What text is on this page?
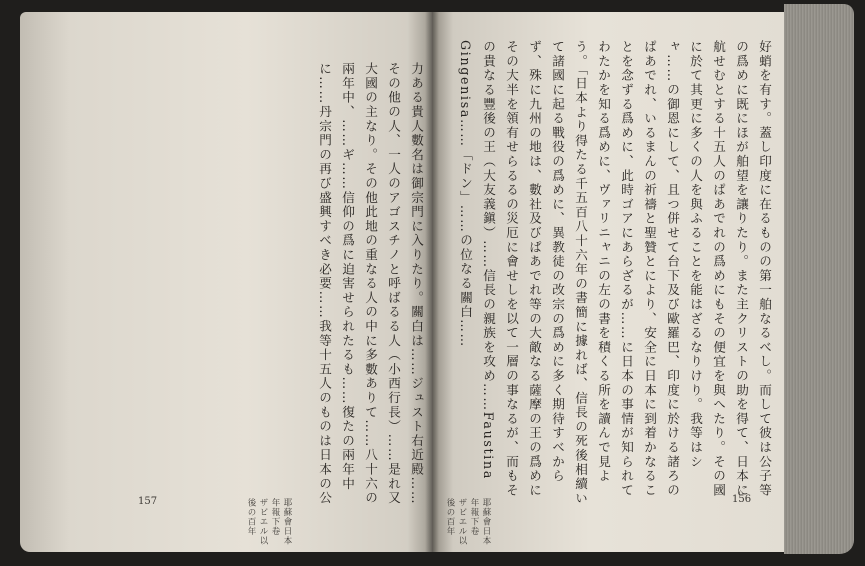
力ある貴人數名は御宗門に入りたり。關白は……ジュスト右近殿……その他の人、一人のアゴスチノと呼ばるる人（小西行長）……是れ又大國の主なり。その他此地の重なる人の中に多數ありて……八十六の兩年中、……ギ……信仰の爲に迫害せられたるも……復たの兩年中に……丹宗門の再び盛興すべき必要……我等十五人のものは日本の公
耶蘇會日本年報下卷　ザビエル以後の百年
157
好蛸を有す。蓋し印度に在るものの第一舶なるべし。而して彼は公子等の爲めに既にほが舶望を讓りたり。また主クリストの助を得て、日本に航せむとする十五人のぱあでれの爲めにもその便宜を與へたり。その國に於て其更に多くの人を與ふることを能はざるなりけり。我等はシャ……の御恩にして、且つ併せて台下及び歐羅巴、印度に於ける諸ろのぱあでれ、いるまんの祈禱と聖贊とにより、安全に日本に到着かなることを念ずる爲めに、此時ゴアにあらざるが……に日本の事情が知られてわたかを知る爲めに、ヴァリニャニの左の書を積くる所を讀んで見よう。「日本より得たる千五百八十六年の書簡に據れば、信長の死後相續いて諸國に起る戰役の爲めに、異教徒の改宗の爲めに多く期待すべからず、殊に九州の地は、數社及びぱあでれ等の大敵なる薩摩の王の爲めにその大半を領有せらるるの災厄に會せしを以て一層の事なるが、而もその貴なる豐後の王（大友義鎭）……信長の親族を攻め……Faustina Gingenisa……「ドン」……の位なる關白……
耶蘇會日本年報下卷　ザビエル以後の百年	156
